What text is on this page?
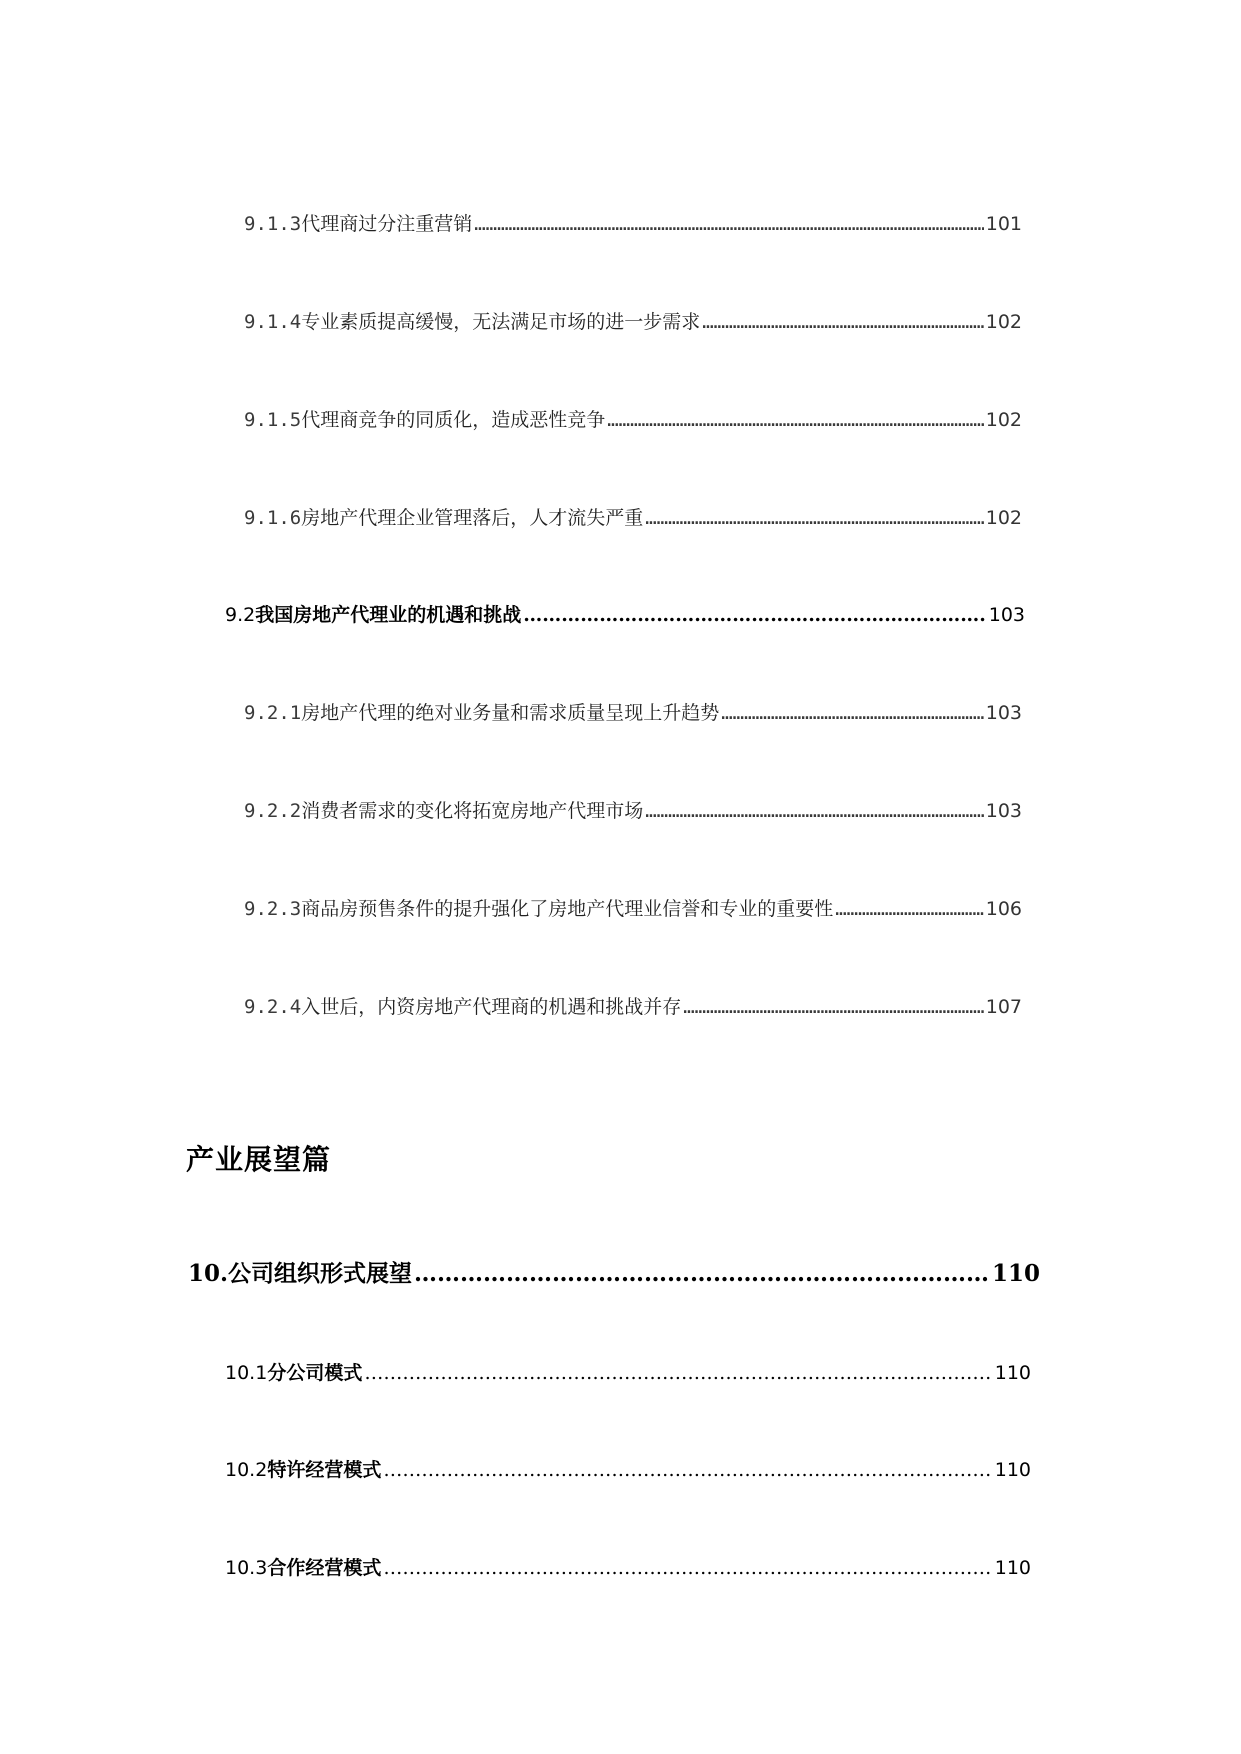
9.1.3 代理商过分注重营销 ………………………………………………………………………………………………………………………………………………………………………………………………………………	101
9.1.4 专业素质提高缓慢，无法满足市场的进一步需求 ………………………………………………………………………………………………………………………………………………………………………………………………………………	102
9.1.5 代理商竞争的同质化，造成恶性竞争 ………………………………………………………………………………………………………………………………………………………………………………………………………………	102
9.1.6 房地产代理企业管理落后，人才流失严重 ………………………………………………………………………………………………………………………………………………………………………………………………………………	102
9.2 我国房地产代理业的机遇和挑战 ………………………………………………………………………………………………………………………………………………………………………………………………………………	103
9.2.1 房地产代理的绝对业务量和需求质量呈现上升趋势 ………………………………………………………………………………………………………………………………………………………………………………………………………………	103
9.2.2 消费者需求的变化将拓宽房地产代理市场 ………………………………………………………………………………………………………………………………………………………………………………………………………………	103
9.2.3 商品房预售条件的提升强化了房地产代理业信誉和专业的重要性 ………………………………………………………………………………………………………………………………………………………………………………………………………………	106
9.2.4 入世后，内资房地产代理商的机遇和挑战并存 ………………………………………………………………………………………………………………………………………………………………………………………………………………	107
产业展望篇
10. 公司组织形式展望 ………………………………………………………………………………………………………………………………………………………………………………………………………………	110
10.1 分公司模式 ………………………………………………………………………………………………………………………………………………………………………………………………………………	110
10.2 特许经营模式 ………………………………………………………………………………………………………………………………………………………………………………………………………………	110
10.3 合作经营模式 ………………………………………………………………………………………………………………………………………………………………………………………………………………	110
